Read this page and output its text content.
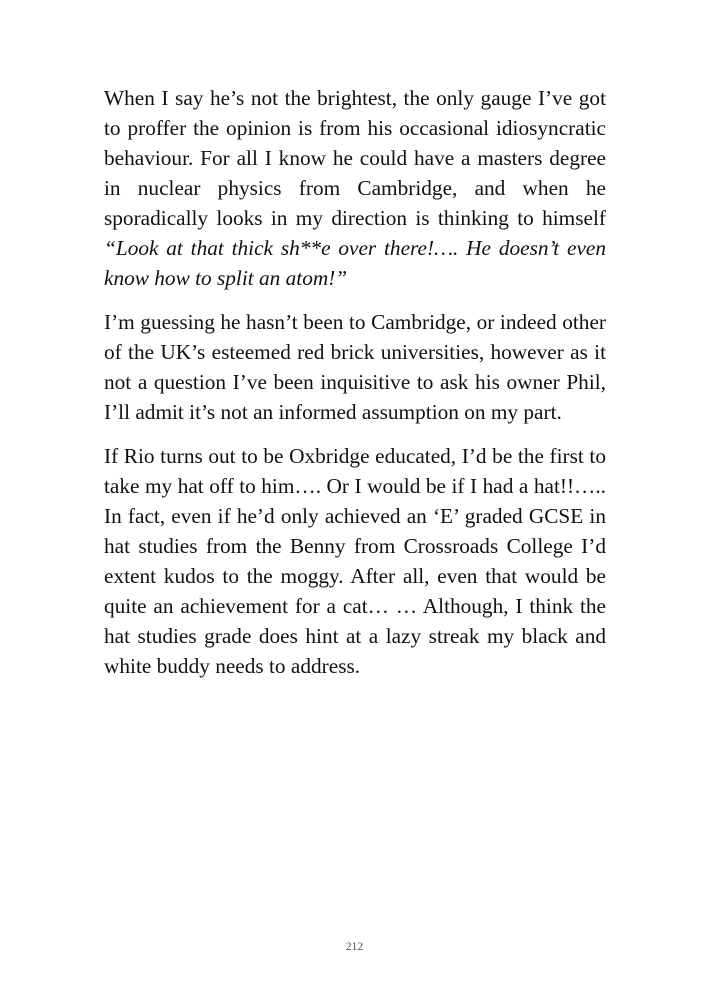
When I say he’s not the brightest, the only gauge I’ve got to proffer the opinion is from his occasional idiosyncratic behaviour. For all I know he could have a masters degree in nuclear physics from Cambridge, and when he sporadically looks in my direction is thinking to himself “Look at that thick sh**e over there!…. He doesn’t even know how to split an atom!”

I’m guessing he hasn’t been to Cambridge, or indeed other of the UK’s esteemed red brick universities, however as it not a question I’ve been inquisitive to ask his owner Phil, I’ll admit it’s not an informed assumption on my part.

If Rio turns out to be Oxbridge educated, I’d be the first to take my hat off to him…. Or I would be if I had a hat!!….. In fact, even if he’d only achieved an ‘E’ graded GCSE in hat studies from the Benny from Crossroads College I’d extent kudos to the moggy. After all, even that would be quite an achievement for a cat… … Although, I think the hat studies grade does hint at a lazy streak my black and white buddy needs to address.

212
